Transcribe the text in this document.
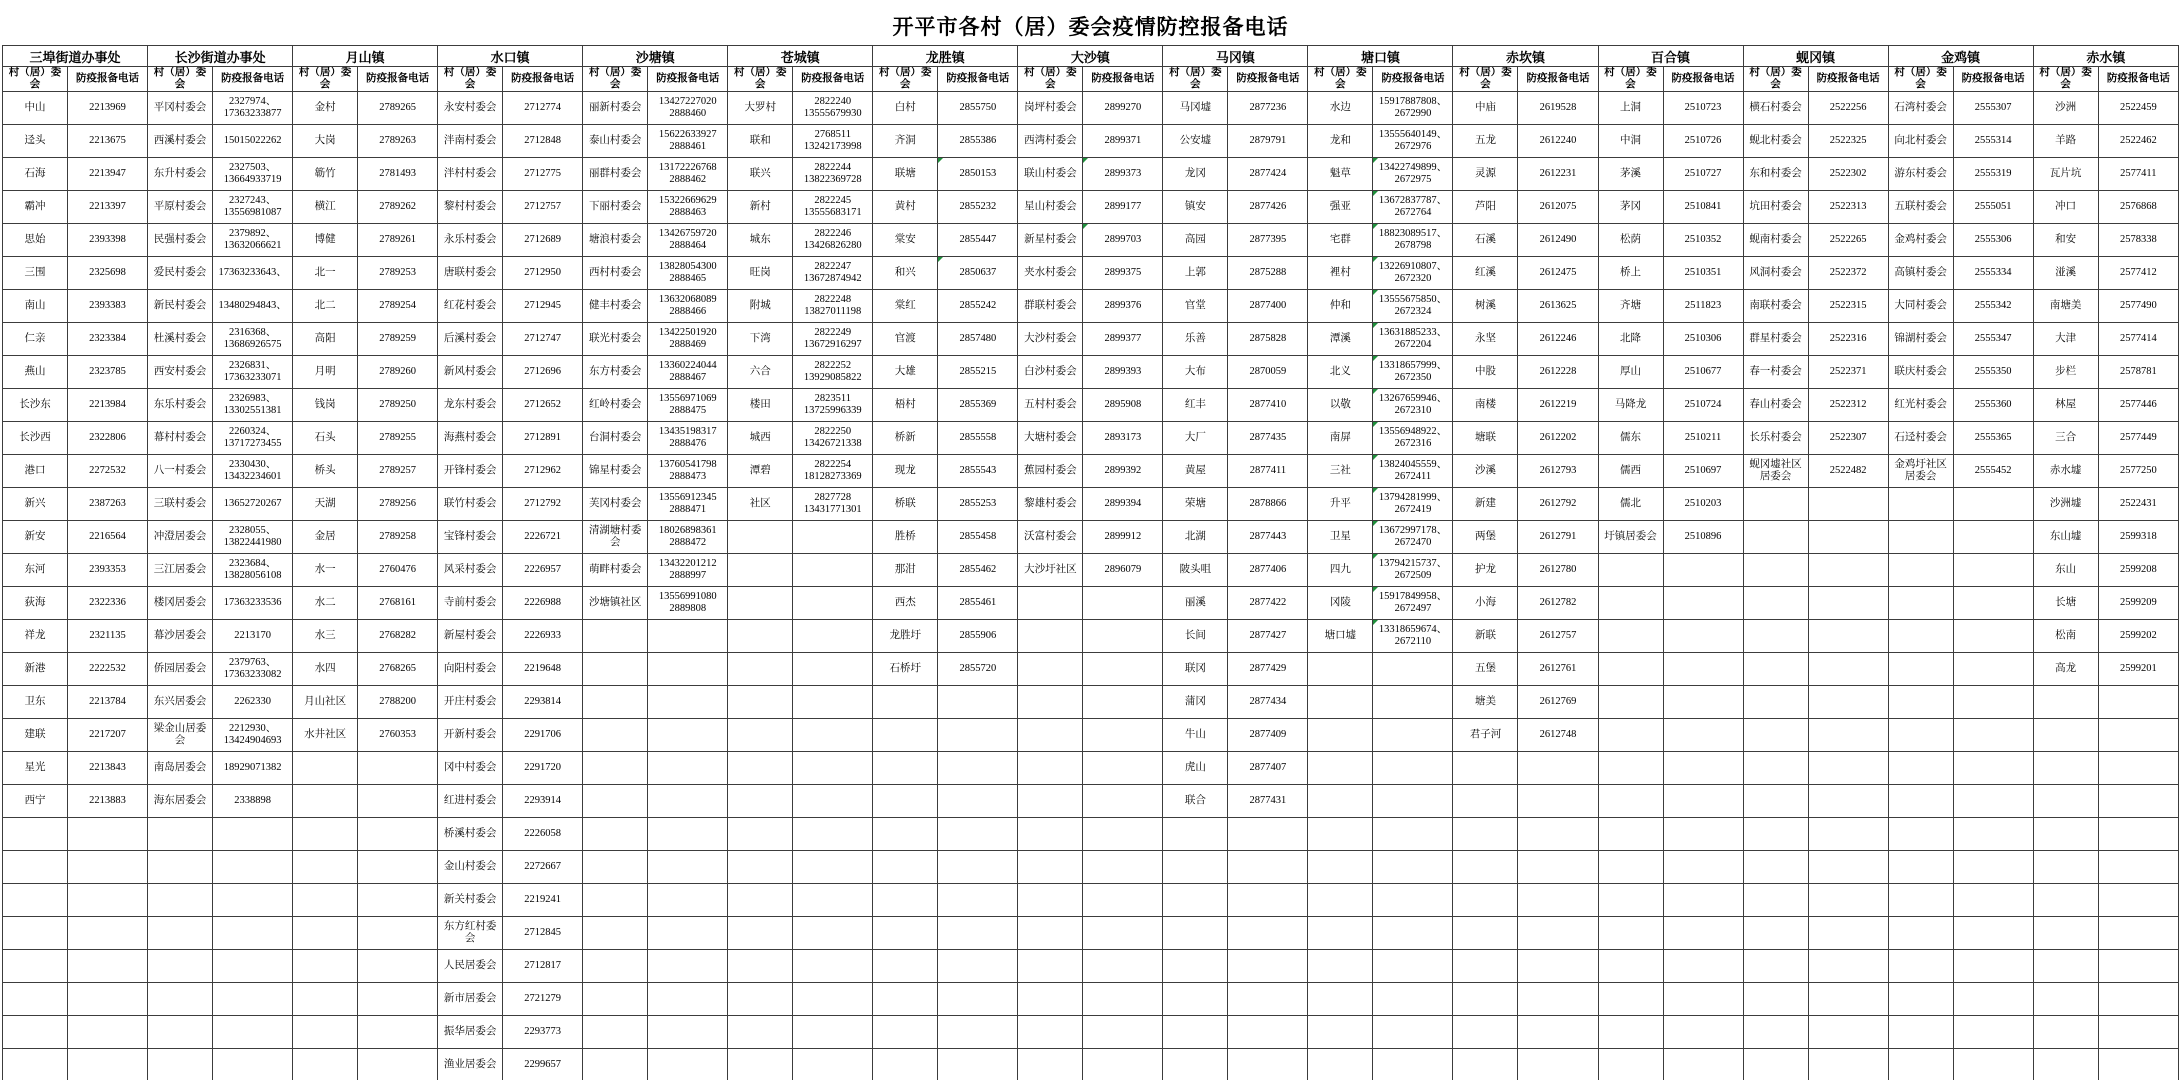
开平市各村（居）委会疫情防控报备电话
三埠街道办事处		长沙街道办事处		月山镇		水口镇		沙塘镇		苍城镇		龙胜镇		大沙镇		马冈镇		塘口镇		赤坎镇		百合镇		蚬冈镇		金鸡镇		赤水镇	
村（居）委会	防疫报备电话	村（居）委会	防疫报备电话	村（居）委会	防疫报备电话	村（居）委会	防疫报备电话	村（居）委会	防疫报备电话	村（居）委会	防疫报备电话	村（居）委会	防疫报备电话	村（居）委会	防疫报备电话	村（居）委会	防疫报备电话	村（居）委会	防疫报备电话	村（居）委会	防疫报备电话	村（居）委会	防疫报备电话	村（居）委会	防疫报备电话	村（居）委会	防疫报备电话	村（居）委会	防疫报备电话
中山	2213969	平冈村委会	2327974、17363233877	金村	2789265	永安村委会	2712774	丽新村委会	13427227020 2888460	大罗村	2822240 13555679930	白村	2855750	岗坪村委会	2899270	马冈墟	2877236	水边	15917887808、2672990	中庙	2619528	上洞	2510723	横石村委会	2522256	石湾村委会	2555307	沙洲	2522459
迳头	2213675	西溪村委会	15015022262	大岗	2789263	泮南村委会	2712848	泰山村委会	15622633927 2888461	联和	2768511 13242173998	齐洞	2855386	西湾村委会	2899371	公安墟	2879791	龙和	13555640149、2672976	五龙	2612240	中洞	2510726	蚬北村委会	2522325	向北村委会	2555314	羊路	2522462
石海	2213947	东升村委会	2327503、13664933719	簕竹	2781493	泮村村委会	2712775	丽群村委会	13172226768 2888462	联兴	2822244 13822369728	联塘	2850153	联山村委会	2899373	龙冈	2877424	魁草	13422749899、2672975	灵源	2612231	茅溪	2510727	东和村委会	2522302	游东村委会	2555319	瓦片坑	2577411
霸冲	2213397	平原村委会	2327243、13556981087	横江	2789262	黎村村委会	2712757	下丽村委会	15322669629 2888463	新村	2822245 13555683171	黄村	2855232	星山村委会	2899177	镇安	2877426	强亚	13672837787、2672764	芦阳	2612075	茅冈	2510841	坑田村委会	2522313	五联村委会	2555051	冲口	2576868
思始	2393398	民强村委会	2379892、13632066621	博健	2789261	永乐村委会	2712689	塘浪村委会	13426759720 2888464	城东	2822246 13426826280	棠安	2855447	新星村委会	2899703	高园	2877395	宅群	18823089517、2678798	石溪	2612490	松荫	2510352	蚬南村委会	2522265	金鸡村委会	2555306	和安	2578338
三围	2325698	爱民村委会	17363233643、	北一	2789253	唐联村委会	2712950	西村村委会	13828054300 2888465	旺岗	2822247 13672874942	和兴	2850637	夹水村委会	2899375	上郭	2875288	裡村	13226910807、2672320	红溪	2612475	桥上	2510351	风洞村委会	2522372	高镇村委会	2555334	湴溪	2577412
南山	2393383	新民村委会	13480294843、	北二	2789254	红花村委会	2712945	健丰村委会	13632068089 2888466	附城	2822248 13827011198	棠红	2855242	群联村委会	2899376	官堂	2877400	仲和	13555675850、2672324	树溪	2613625	齐塘	2511823	南联村委会	2522315	大同村委会	2555342	南塘美	2577490
仁亲	2323384	杜溪村委会	2316368、13686926575	高阳	2789259	后溪村委会	2712747	联光村委会	13422501920 2888469	下湾	2822249 13672916297	官渡	2857480	大沙村委会	2899377	乐善	2875828	潭溪	13631885233、2672204	永坚	2612246	北降	2510306	群星村委会	2522316	锦湖村委会	2555347	大津	2577414
燕山	2323785	西安村委会	2326831、17363233071	月明	2789260	新风村委会	2712696	东方村委会	13360224044 2888467	六合	2822252 13929085822	大雄	2855215	白沙村委会	2899393	大布	2870059	北义	13318657999、2672350	中股	2612228	厚山	2510677	春一村委会	2522371	联庆村委会	2555350	步栏	2578781
长沙东	2213984	东乐村委会	2326983、13302551381	钱岗	2789250	龙东村委会	2712652	红岭村委会	13556971069 2888475	楼田	2823511 13725996339	梧村	2855369	五村村委会	2895908	红丰	2877410	以敬	13267659946、2672310	南楼	2612219	马降龙	2510724	春山村委会	2522312	红光村委会	2555360	林屋	2577446
长沙西	2322806	幕村村委会	2260324、13717273455	石头	2789255	海燕村委会	2712891	台洞村委会	13435198317 2888476	城西	2822250 13426721338	桥新	2855558	大塘村委会	2893173	大厂	2877435	南屏	13556948922、2672316	塘联	2612202	儒东	2510211	长乐村委会	2522307	石迳村委会	2555365	三合	2577449
港口	2272532	八一村委会	2330430、13432234601	桥头	2789257	开锋村委会	2712962	锦星村委会	13760541798 2888473	潭碧	2822254 18128273369	现龙	2855543	蕉园村委会	2899392	黄屋	2877411	三社	13824045559、2672411	沙溪	2612793	儒西	2510697	蚬冈墟社区居委会	2522482	金鸡圩社区居委会	2555452	赤水墟	2577250
新兴	2387263	三联村委会	13652720267	天湖	2789256	联竹村委会	2712792	芙冈村委会	13556912345 2888471	社区	2827728 13431771301	桥联	2855253	黎雄村委会	2899394	荣塘	2878866	升平	13794281999、2672419	新建	2612792	儒北	2510203					沙洲墟	2522431
新安	2216564	冲澄居委会	2328055、13822441980	金居	2789258	宝锋村委会	2226721	清湖塘村委会	18026898361 2888472			胜桥	2855458	沃富村委会	2899912	北湖	2877443	卫星	13672997178、2672470	两堡	2612791	圩镇居委会	2510896					东山墟	2599318
东河	2393353	三江居委会	2323684、13828056108	水一	2760476	风采村委会	2226957	萌畔村委会	13432201212 2888997			那泔	2855462	大沙圩社区	2896079	陂头咀	2877406	四九	13794215737、2672509	护龙	2612780							东山	2599208
荻海	2322336	楼冈居委会	17363233536	水二	2768161	寺前村委会	2226988	沙塘镇社区	13556991080 2889808			西杰	2855461			丽溪	2877422	冈陵	15917849958、2672497	小海	2612782							长塘	2599209
祥龙	2321135	幕沙居委会	2213170	水三	2768282	新屋村委会	2226933					龙胜圩	2855906			长间	2877427	塘口墟	13318659674、2672110	新联	2612757							松南	2599202
新港	2222532	侨园居委会	2379763、17363233082	水四	2768265	向阳村委会	2219648					石桥圩	2855720			联冈	2877429			五堡	2612761							高龙	2599201
卫东	2213784	东兴居委会	2262330	月山社区	2788200	开庄村委会	2293814									蒲冈	2877434			塘美	2612769								
建联	2217207	梁金山居委会	2212930、13424904693	水井社区	2760353	开新村委会	2291706									牛山	2877409			君子河	2612748								
星光	2213843	南岛居委会	18929071382			冈中村委会	2291720									虎山	2877407												
西宁	2213883	海东居委会	2338898			红进村委会	2293914									联合	2877431												
						桥溪村委会	2226058																						
						金山村委会	2272667																						
						新关村委会	2219241																						
						东方红村委会	2712845																						
						人民居委会	2712817																						
						新市居委会	2721279																						
						振华居委会	2293773																						
						渔业居委会	2299657																						
